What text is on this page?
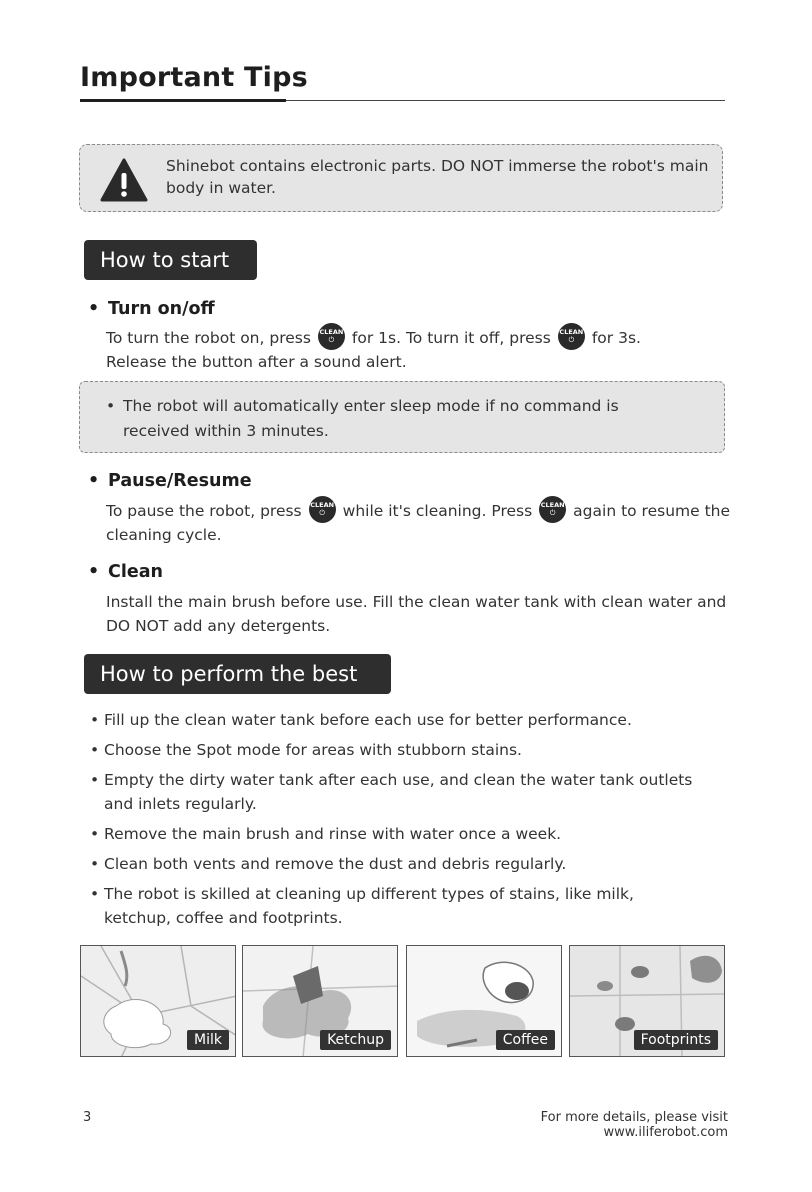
Important Tips
Shinebot contains electronic parts. DO NOT immerse the robot's main body in water.
How to start
• Turn on/off
To turn the robot on, press CLEAN
⏻	for 1s. To turn it off, press CLEAN
⏻	for 3s.
Release the button after a sound alert.
• The robot will automatically enter sleep mode if no command is received within 3 minutes.
• Pause/Resume
To pause the robot, press CLEAN
⏻	while it's cleaning. Press CLEAN
⏻	again to resume the cleaning cycle.
• Clean
Install the main brush before use. Fill the clean water tank with clean water and DO NOT add any detergents.
How to perform the best
• Fill up the clean water tank before each use for better performance.
• Choose the Spot mode for areas with stubborn stains.
• Empty the dirty water tank after each use, and clean the water tank outlets and inlets regularly.
• Remove the main brush and rinse with water once a week.
• Clean both vents and remove the dust and debris regularly.
• The robot is skilled at cleaning up different types of stains, like milk, ketchup, coffee and footprints.
Milk	Ketchup	Coffee	Footprints
3	For more details, please visit www.iliferobot.com
